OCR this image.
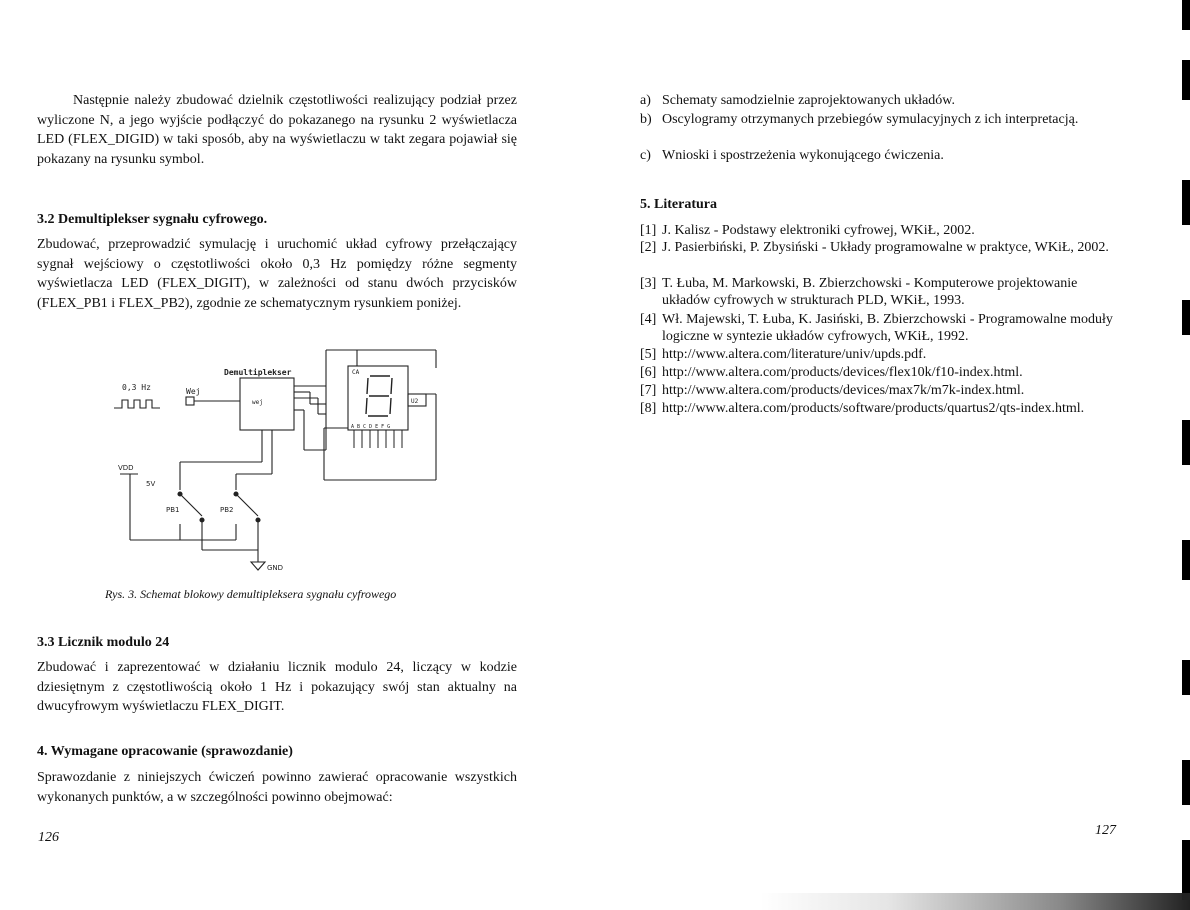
Następnie należy zbudować dzielnik częstotliwości realizujący podział przez wyliczone N, a jego wyjście podłączyć do pokazanego na rysunku 2 wyświetlacza LED (FLEX_DIGID) w taki sposób, aby na wyświetlaczu w takt zegara pojawiał się pokazany na rysunku symbol.

3.2 Demultiplekser sygnału cyfrowego.

Zbudować, przeprowadzić symulację i uruchomić układ cyfrowy przełączający sygnał wejściowy o częstotliwości około 0,3 Hz pomiędzy różne segmenty wyświetlacza LED (FLEX_DIGIT), w zależności od stanu dwóch przycisków (FLEX_PB1 i FLEX_PB2), zgodnie ze schematycznym rysunkiem poniżej.

0,3 Hz	Wej
Demultiplekser
wej
CA
U2
A B C D E F G
VDD
5V
PB1	PB2
GND
Rys. 3. Schemat blokowy demultipleksera sygnału cyfrowego
3.3 Licznik modulo 24

Zbudować i zaprezentować w działaniu licznik modulo 24, liczący w kodzie dziesiętnym z częstotliwością około 1 Hz i pokazujący swój stan aktualny na dwucyfrowym wyświetlaczu FLEX_DIGIT.

4. Wymagane opracowanie (sprawozdanie)

Sprawozdanie z niniejszych ćwiczeń powinno zawierać opracowanie wszystkich wykonanych punktów, a w szczególności powinno obejmować:

126
a) Schematy samodzielnie zaprojektowanych układów.
b) Oscylogramy otrzymanych przebiegów symulacyjnych z ich interpretacją.
c) Wnioski i spostrzeżenia wykonującego ćwiczenia.
5. Literatura
[1] J. Kalisz - Podstawy elektroniki cyfrowej, WKiŁ, 2002.
[2] J. Pasierbiński, P. Zbysiński - Układy programowalne w praktyce, WKiŁ, 2002.
[3] T. Łuba, M. Markowski, B. Zbierzchowski - Komputerowe projektowanie układów cyfrowych w strukturach PLD, WKiŁ, 1993.
[4] Wł. Majewski, T. Łuba, K. Jasiński, B. Zbierzchowski - Programowalne moduły logiczne w syntezie układów cyfrowych, WKiŁ, 1992.
[5] http://www.altera.com/literature/univ/upds.pdf.
[6] http://www.altera.com/products/devices/flex10k/f10-index.html.
[7] http://www.altera.com/products/devices/max7k/m7k-index.html.
[8] http://www.altera.com/products/software/products/quartus2/qts-index.html.
127
